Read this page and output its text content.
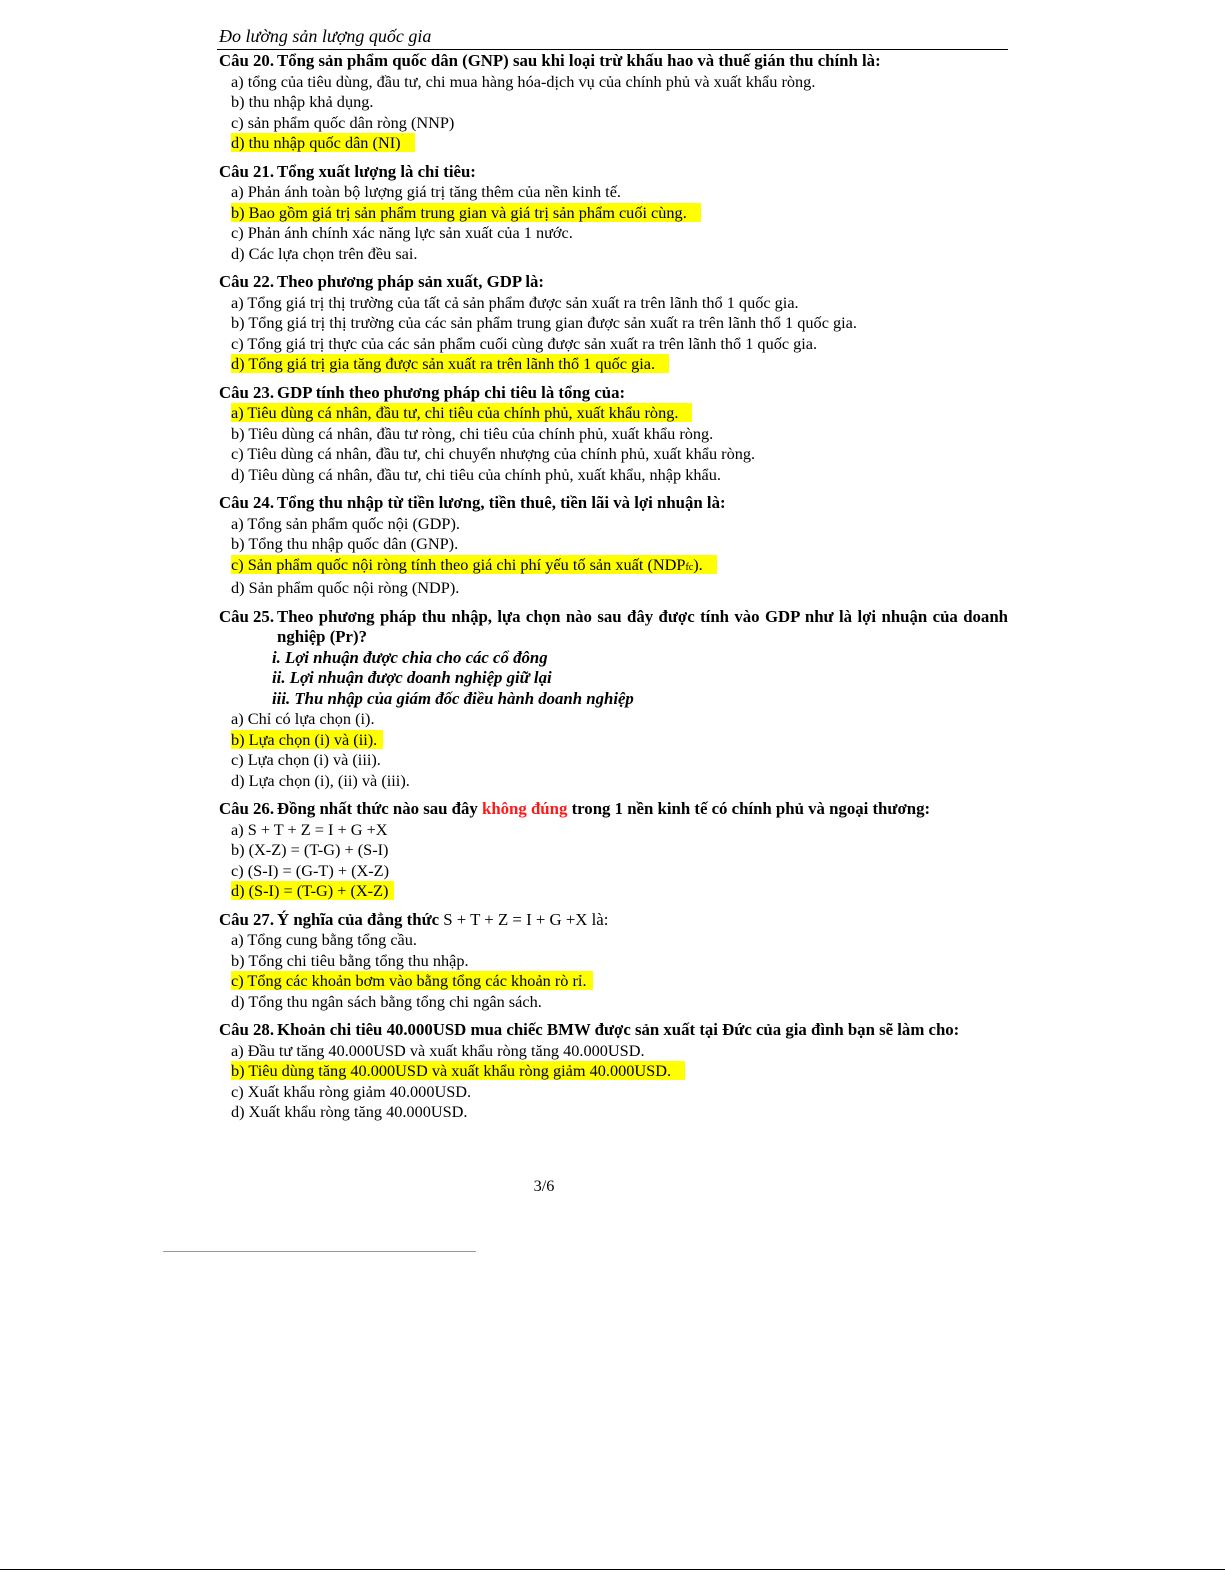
Đo lường sản lượng quốc gia
Câu 20. Tổng sản phẩm quốc dân (GNP) sau khi loại trừ khấu hao và thuế gián thu chính là:
a) tổng của tiêu dùng, đầu tư, chi mua hàng hóa-dịch vụ của chính phủ và xuất khẩu ròng.
b) thu nhập khả dụng.
c) sản phẩm quốc dân ròng (NNP)
d) thu nhập quốc dân (NI)
Câu 21. Tổng xuất lượng là chỉ tiêu:
a) Phản ánh toàn bộ lượng giá trị tăng thêm của nền kinh tế.
b) Bao gồm giá trị sản phẩm trung gian và giá trị sản phẩm cuối cùng.
c) Phản ánh chính xác năng lực sản xuất của 1 nước.
d) Các lựa chọn trên đều sai.
Câu 22. Theo phương pháp sản xuất, GDP là:
a) Tổng giá trị thị trường của tất cả sản phẩm được sản xuất ra trên lãnh thổ 1 quốc gia.
b) Tổng giá trị thị trường của các sản phẩm trung gian được sản xuất ra trên lãnh thổ 1 quốc gia.
c) Tổng giá trị thực của các sản phẩm cuối cùng được sản xuất ra trên lãnh thổ 1 quốc gia.
d) Tổng giá trị gia tăng được sản xuất ra trên lãnh thổ 1 quốc gia.
Câu 23. GDP tính theo phương pháp chi tiêu là tổng của:
a) Tiêu dùng cá nhân, đầu tư, chi tiêu của chính phủ, xuất khẩu ròng.
b) Tiêu dùng cá nhân, đầu tư ròng, chi tiêu của chính phủ, xuất khẩu ròng.
c) Tiêu dùng cá nhân, đầu tư, chi chuyển nhượng của chính phủ, xuất khẩu ròng.
d) Tiêu dùng cá nhân, đầu tư, chi tiêu của chính phủ, xuất khẩu, nhập khẩu.
Câu 24. Tổng thu nhập từ tiền lương, tiền thuê, tiền lãi và lợi nhuận là:
a) Tổng sản phẩm quốc nội (GDP).
b) Tổng thu nhập quốc dân (GNP).
c) Sản phẩm quốc nội ròng tính theo giá chi phí yếu tố sản xuất (NDPfc).
d) Sản phẩm quốc nội ròng (NDP).
Câu 25. Theo phương pháp thu nhập, lựa chọn nào sau đây được tính vào GDP như là lợi nhuận của doanh nghiệp (Pr)?
i. Lợi nhuận được chia cho các cổ đông
ii. Lợi nhuận được doanh nghiệp giữ lại
iii. Thu nhập của giám đốc điều hành doanh nghiệp
a) Chỉ có lựa chọn (i).
b) Lựa chọn (i) và (ii).
c) Lựa chọn (i) và (iii).
d) Lựa chọn (i), (ii) và (iii).
Câu 26. Đồng nhất thức nào sau đây không đúng trong 1 nền kinh tế có chính phủ và ngoại thương:
a) S + T + Z = I + G +X
b) (X-Z) = (T-G) + (S-I)
c) (S-I) = (G-T) + (X-Z)
d) (S-I) = (T-G) + (X-Z)
Câu 27. Ý nghĩa của đẳng thức S + T + Z = I + G +X là:
a) Tổng cung bằng tổng cầu.
b) Tổng chi tiêu bằng tổng thu nhập.
c) Tổng các khoản bơm vào bằng tổng các khoản rò rỉ.
d) Tổng thu ngân sách bằng tổng chi ngân sách.
Câu 28. Khoản chi tiêu 40.000USD mua chiếc BMW được sản xuất tại Đức của gia đình bạn sẽ làm cho:
a) Đầu tư tăng 40.000USD và xuất khẩu ròng tăng 40.000USD.
b) Tiêu dùng tăng 40.000USD và xuất khẩu ròng giảm 40.000USD.
c) Xuất khẩu ròng giảm 40.000USD.
d) Xuất khẩu ròng tăng 40.000USD.
3/6
